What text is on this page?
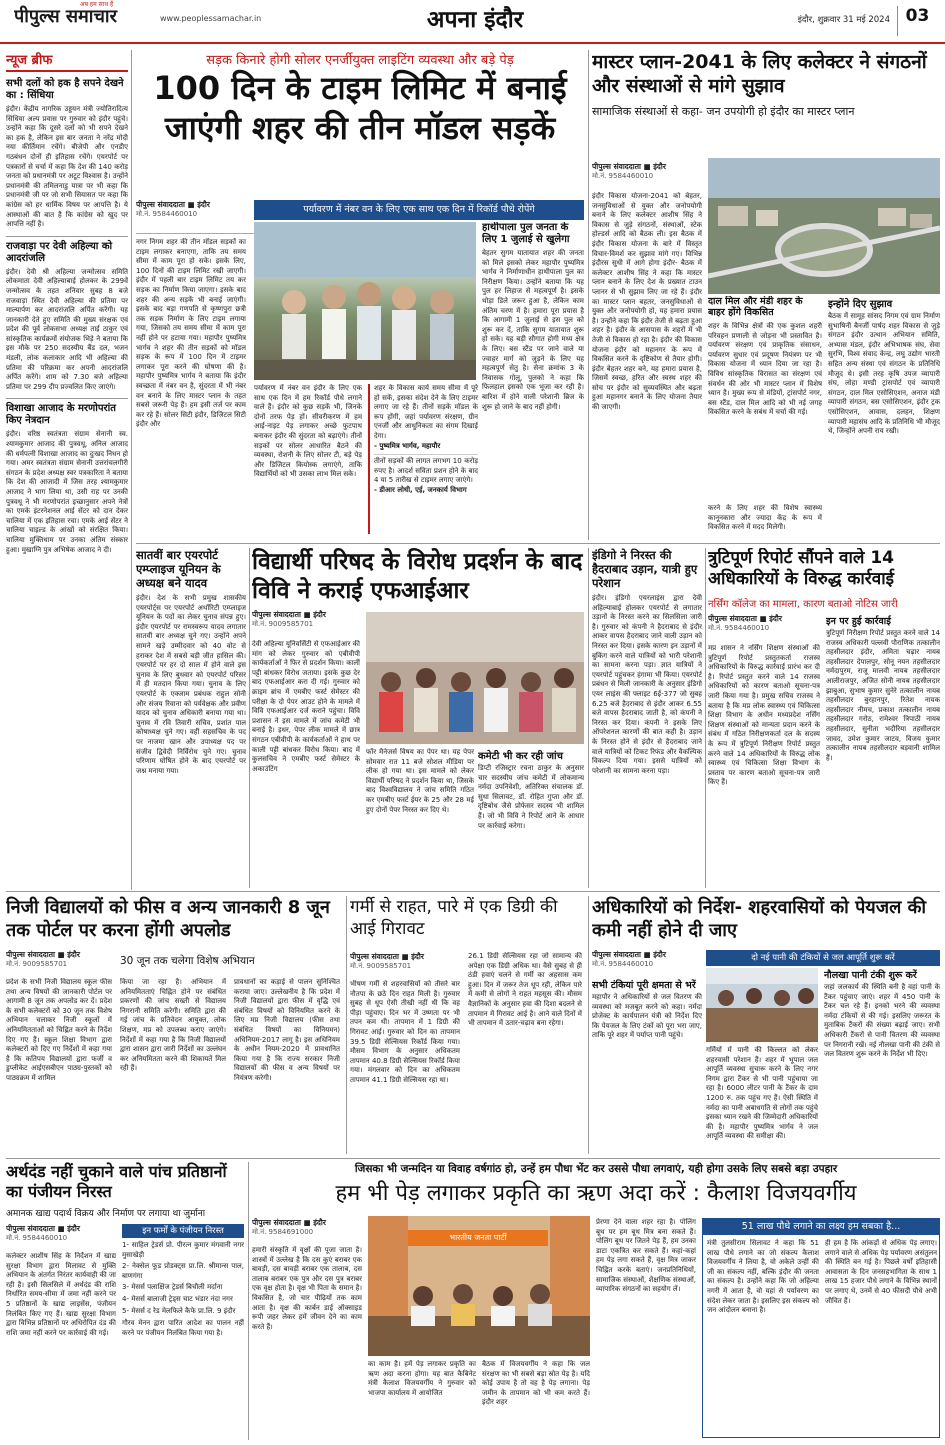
पीपुल्स समाचार
अब हम साथ हैं
www.peoplessamachar.in	अपना इंदौर	इंदौर, शुक्रवार 31 मई 2024 03
न्यूज ब्रीफ
सभी दलों को हक है सपने देखने का : सिंधिया
इंदौर। केंद्रीय नागरिक उड्डयन मंत्री ज्योतिरादित्य सिंधिया अल्प प्रवास पर गुरुवार को इंदौर पहुंचे। उन्होंने कहा कि दूसरे दलों को भी सपने देखने का हक है, लेकिन इस बार जनता ने नरेंद्र मोदी नया कीर्तिमान रचेंगे। बीजेपी और एनडीए गठबंधन दोनों ही इतिहास रचेंगे। एयरपोर्ट पर पत्रकारों से चर्चा में कहा कि देश की 140 करोड़ जनता को प्रधानमंत्री पर अटूट विश्वास है। उन्होंने प्रधानमंत्री की तमिलनाडु यात्रा पर भी कहा कि प्रधानमंत्री जी पर जो सभी सियासत पर कहा कि कांग्रेस को हर धार्मिक विषय पर आपत्ति है। ये आस्थाओं की बात है कि कांग्रेस को खुद पर आपत्ति नहीं है।
राजवाड़ा पर देवी अहिल्या को आदरांजलि
इंदौर। देवी श्री अहिल्या जन्मोत्सव समिति लोकमाता देवी अहिल्याबाई होलकर के 299वें जन्मोत्सव के तहत शनिवार सुबह 8 बजे राजवाड़ा स्थित देवी अहिल्या की प्रतिमा पर माल्यार्पण कर आदरांजलि अर्पित करेंगी। यह जानकारी देते हुए समिति की मुख्य संरक्षक एवं प्रदेश की पूर्व लोकसभा अध्यक्ष ताई ठाकुर एवं सांस्कृतिक कार्यक्रमों संयोजक भिड़े ने बताया कि इस मौके पर 250 सदस्यीय बैंड दल, भजन मंडली, लोक कलाकार आदि भी अहिल्या की प्रतिमा की परिक्रमा कर अपनी आदरांजलि अर्पित करेंगे। शाम को 7.30 बजे अहिल्या प्रतिमा पर 299 दीप प्रज्वलित किए जाएंगे।
विशाखा आजाद के मरणोपरांत किए नेत्रदान
इंदौर। वरिष्ठ स्वतंत्रता संग्राम सेनानी स्व. श्यामकुमार आजाद की पुत्रवधू, अनिल आजाद की धर्मपत्नी विशाखा आजाद का दुःखद निधन हो गया। अमर स्वतंत्रता संग्राम सेनानी उत्तरांचलगीरी संगठन के प्रदेश अध्यक्ष स्वर पत्रकारिता ने बताया कि देश की आजादी में जिस तरह श्यामकुमार आजाद ने भाग लिया था, उसी राह पर उनकी पुत्रवधू ने भी मरणोपरांत इच्छानुसार अपने नेत्रों का एमके इंटरनेशनल आई सेंटर को दान देकर चालिया में एक इतिहास रचा। एमके आई सेंटर ने चालिया चाइल्ड के आंखों को संरक्षित किया। चालिया मुक्तिधाम पर उनका अंतिम संस्कार हुआ। मुखाग्नि पुत्र अभिषेक आजाद ने दी।
सड़क किनारे होगी सोलर एनर्जीयुक्त लाइटिंग व्यवस्था और बड़े पेड़
100 दिन के टाइम लिमिट में बनाई जाएंगी शहर की तीन मॉडल सड़कें
पीपुल्स संवाददाता ■ इंदौर
मो.नं. 9584460010	पर्यावरण में नंबर वन के लिए एक साथ एक दिन में रिकॉर्ड पौधे रोपेंगे
नगर निगम शहर की तीन मॉडल सड़कों का टाइम लगाकर बनाएगा, ताकि तय समय सीमा में काम पूरा हो सके। इसके लिए, 100 दिनों की टाइम लिमिट रखी जाएगी। इंदौर में पहली बार टाइम लिमिट तय कर सड़क का निर्माण किया जाएगा। इसके बाद शहर की अन्य सड़कें भी बनाई जाएंगी। इसके बाद बड़ा गणपति से कृष्णपुरा छत्री तक सड़क निर्माण के लिए टाइम लगाया गया, जिसको तय समय सीमा में काम पूरा नहीं होने पर हटाया गया। महापौर पुष्यमित्र भार्गव ने शहर की तीन सड़कों को मॉडल सड़क के रूप में 100 दिन में टाइमर लगाकर पूरा करने की घोषणा की है। महापौर पुष्यमित्र भार्गव ने बताया कि इंदौर स्वच्छता में नंबर वन है, सुंदरता में भी नंबर वन बनाने के लिए मास्टर प्लान के तहत सबसे जरूरी पेड़ हैं। हम इसी तर्ज पर काम कर रहे हैं। सोलर सिटी इंदौर, डिजिटल सिटी इंदौर और
पर्यावरण में नंबर वन इंदौर के लिए एक साथ एक दिन में हम रिकॉर्ड पौधे लगाने वाले हैं। इंदौर को कुछ सड़कें भी, जिनके दोनों तरफ पेड़ हों। सीवरीकरण में हम आई-नाइट पेड़ लगाकर अच्छे फुटपाथ बनाकर इंदौर की सुंदरता को बढ़ाएंगे। तीनों सड़कों पर सोलर आधारित बैठने की व्यवस्था, रोशनी के लिए सोलर टी, बड़े पेड़ और डिजिटल कियोस्क लगाएंगे, ताकि विद्यार्थियों को भी उसका लाभ मिल सके।
शहर के विकास कार्य समय सीमा में पूरे हो सकें, इसका संदेश देने के लिए टाइमर लगाए जा रहे हैं। तीनों सड़के मॉडल के रूप होंगी, जहां पर्यावरण संरक्षण, ग्रीन एनर्जी और आधुनिकता का संगम दिखाई देगा।
- पुष्यमित्र भार्गव, महापौर
तीनों सड़कों की लागत लगभग 10 करोड़ रुपए है। आदर्श सविता प्रशन होने के बाद 4 या 5 तारीख से टाइमर लगाए जाएंगे।
- डीआर लोधी, एई, जनकार्य विभाग
हाथीपाला पुल जनता के लिए 1 जुलाई से खुलेगा
बेहतर सुगम यातायात शहर की जनता को मिले इसको लेकर महापौर पुष्यमित्र भार्गव ने निर्माणाधीन हाथीपाला पुल का निरीक्षण किया। उन्होंने बताया कि यह पुल हर लिहाज से महत्वपूर्ण है। इसके थोड़ा डिले जरूर हुआ है, लेकिन काम अंतिम चरण में है। हमारा पूरा प्रयास है कि आगामी 1 जुलाई से इस पुल को शुरू कर दें, ताकि सुगम यातायात शुरू हो सके। यह बड़ी सौगात होगी मध्य क्षेत्र के लिए। बस स्टैंड पर जाने वाले या ज्वाहर मार्ग को जुड़ने के लिए यह महत्वपूर्ण सेतु है। सेना क्रमांक 3 के निवासक गोलू, पुलको ने कहा कि फिलहाल इसको एक भूजा कर रही है। बारिश में होने वाली परेशानी ब्रिज के शुरू हो जाने के बाद नहीं होगी।
मास्टर प्लान-2041 के लिए कलेक्टर ने संगठनों और संस्थाओं से मांगे सुझाव
सामाजिक संस्थाओं से कहा- जन उपयोगी हो इंदौर का मास्टर प्लान
पीपुल्स संवाददाता ■ इंदौर
मो.नं. 9584460010
इंदौर विकास योजना-2041 को बेहतर, जनसुविधाओं से युक्त और जनोपयोगी बनाने के लिए कलेक्टर आशीष सिंह ने विकास से जुड़े संगठनों, संस्थाओं, स्टेक होल्डर्स आदि को बैठक ली। इस बैठक में इंदौर विकास योजना के बारे में विस्तृत विचार-विमर्श कर सुझाव मांगे गए। विभिन्न इंदौरस सुधी में आगे होगा इंदौर- बैठक में कलेक्टर आशीष सिंह ने कहा कि मास्टर प्लान बनाने के लिए देश के प्रख्यात टाउन प्लानर से भी सुझाव लिए जा रहे हैं। इंदौर का मास्टर प्लान बहतर, जनसुविधाओं से युक्त और जनोपयोगी हो, यह हमारा प्रयास है। उन्होंने कहा कि इंदौर तेजी से बढ़ता हुआ शहर है। इंदौर के आसपास के शहरों में भी तेजी से विकास हो रहा है। इंदौर की विकास योजना इंदौर को महानगर के रूप में विकसित करने के दृष्टिकोण से तैयार होगी। इंदौर बेहतर शहर बने, यह हमारा प्रयास है, जिसमें स्वच्छ, हरित और स्वस्थ शहर की सोच पर इंदौर को सुव्यवस्थित और बढ़ता हुआ महानगर बनाने के लिए योजना तैयार की जाएगी।
दाल मिल और मंडी शहर के बाहर होंगे विकसित
शहर के विभिन्न क्षेत्रों की एक कुशल शहरी परिवहन प्रणाली से जोड़ना भी प्रस्तावित है। पर्यावरण संरक्षण एवं प्राकृतिक संसाधन, पर्यावरण सुधार एवं प्रदूषण नियंत्रण पर भी विकास योजना में ध्यान दिया जा रहा है। विविध सांस्कृतिक विरासत का संरक्षण एवं संवर्धन की ओर भी मास्टर प्लान में विशेष ध्यान है। मुख्य रूप से मंडियों, ट्रांसपोर्ट नगर, बस स्टैंड, दाल मिल आदि को भी नई जगह विकसित करने के सबंध में चर्चा की गई।
करने के लिए शहर की विशेष स्वास्थ्य कानूनकारा और ज्यादा केंद्र के रूप में विकसित करने में मदद मिलेगी।
इन्होंने दिए सुझाव
बैठक में सामूह सांसद निगम एवं ग्राम निर्माण सुभाषिनी बैनर्जी पार्षद शहर विकास से जुड़े संगठन इंदौर उत्थान अभियान समिति, अभ्यास मंडल, इंदौर अभिभाषक संघ, सेवा सुरभि, विश्व संवाद केन्द्र, लघु उद्योग भारती सहित अन्य संस्था एवं संगठन के प्रतिनिधि मौजूद थे। इसी तरह कृषि उपज व्यापारी संघ, लोहा मण्डी ट्रांसपोर्ट एवं व्यापारी संगठन, दाल मिल एसोसिएशन, अनाज मंडी व्यापारी संगठन, बस एसोसिएशन, इंदौर ट्रक एसोसिएशन, आवास, दलहन, शिक्षण व्यापारी महासंघ आदि के प्रतिनिधि भी मौजूद थे, जिन्होंने अपनी राय रखी।
सातवीं बार एयरपोर्ट एम्प्लाइज यूनियन के अध्यक्ष बने यादव
इंदौर। देश के सभी प्रमुख शासकीय एयरपोर्ट्स पर एयरपोर्ट अथॉरिटी एम्प्लाइज यूनियन के पदों का लेकर चुनाव संपन्न हुए। इंदौर एयरपोर्ट पर रामस्वरूप यादव लगातार सातवीं बार अध्यक्ष चुने गए। उन्होंने अपने सामने खड़े उम्मीदवार को 40 वोट से हराकर देश में सबसे बड़ी जीत हासिल की। एयरपोर्ट पर हर दो साल में होने वाले इस चुनाव के लिए बुधवार को एयरपोर्ट परिसर में ही मतदान किया गया। चुनाव के लिए एयरपोर्ट के एक्जाम प्रबंधक राहुल सोनी और संजय रिवाना को पर्यवेक्षक और प्रवीण यादव को चुनाव अधिकारी बनाया गया था। चुनाव में रवि तिवारी सचिव, प्रशांत पाल कोषाध्यक्ष चुने गए। वहीं सहसचिव के पद पर नाजमा खान और उपाध्यक्ष पद पर संजीव द्विवेदी निर्विरोध चुने गए। चुनाव परिणाम घोषित होने के बाद एयरपोर्ट पर जश्न मनाया गया।
विद्यार्थी परिषद के विरोध प्रदर्शन के बाद विवि ने कराई एफआईआर
पीपुल्स संवाददाता ■ इंदौर
मो.नं. 9009585701
देवी अहिल्या यूनिवर्सिटी से एफआईआर की मांग को लेकर गुरुवार को एबीवीपी कार्यकर्ताओं ने फिर से प्रदर्शन किया। कालीं पट्टी बांधकर विरोध जताया। इसके कुछ देर बाद एफआईआर करा दी गई। गुरुवार को क्राइम ब्रांच में एमबीए फर्स्ट सेमेस्टर की परीक्षा के दो पेपर आउट होने के मामले में विवि एफआईआर दर्ज कराने पहुंचा। विवि प्रशासन ने इस मामले में जांच कमेटी भी बनाई है। इधर, पेपर लीक मामले में छात्र संगठन एबीवीपी के कार्यकर्ताओं ने हाथ पर काली पट्टी बांधकर विरोध किया। बाद में कुलसचिव ने एमबीए फर्स्ट सेमेस्टर के अकाउंटिंग
फॉर मैनेजर्स विषय का पेपर था। यह पेपर सोमवार रात 11 बजे सोशल मीडिया पर लीक हो गया था। इस मामले को लेकर विद्यार्थी परिषद ने प्रदर्शन किया था, जिसके बाद विश्वविद्यालय ने जांच समिति गठित कर एमबीए फर्स्ट ईयर के 25 और 28 मई हुए दोनों पेपर निरस्त कर दिए थे।
कमेटी भी कर रही जांच
डिप्टी रजिस्ट्रार रचना ठाकुर के अनुसार चार सदस्यीय जांच कमेटी में लोकमान्य नर्मदा उपनिवेशी, अतिरिक्त संचालक डॉ. सुधा सिलावट, डॉ. रोहित गुप्ता और डॉ. दृष्टिबोध जैसे प्रोफेसर सदस्य भी शामिल हैं। जो भी विवि ने रिपोर्ट आने के आधार पर कार्रवाई करेगा।
इंडिगो ने निरस्त की हैदराबाद उड़ान, यात्री हुए परेशान
इंदौर। इंडिगो एयरलाइंस द्वारा देवी अहिल्याबाई होलकर एयरपोर्ट से लगातार उड़ानों के निरस्त करने का सिलसिला जारी है। गुरुवार को कंपनी ने हैदराबाद से इंदौर आकर वापस हैदराबाद जाने वाली उड़ान को निरस्त कर दिया। इसके कारण इन उड़ानों में बुकिंग करने वाले यात्रियों को भारी परेशानी का सामना करना पड़ा। ज्ञात यात्रियों ने एयरपोर्ट पहुंचकर हंगामा भी किया। एयरपोर्ट प्रबंधन से मिली जानकारी के अनुसार इंडिगो एयर लाइंस की फ्लाइट 6ई-377 जो सुबह 6.25 बजे हैदराबाद से इंदौर आकर 6.55 बजे वापस हैदराबाद जाती है, को कंपनी ने निरस्त कर दिया। कंपनी ने इसके लिए ऑपरेशनल कारणों की बात कही है। उड़ान के निरस्त होने से इंदौर से हैदराबाद जाने वाले यात्रियों को टिकट रिफंड और वैकल्पिक विकल्प दिया गया। इससे यात्रियों को परेशानी का सामना करना पड़ा।
त्रुटिपूर्ण रिपोर्ट सौंपने वाले 14 अधिकारियों के विरुद्ध कार्रवाई
नर्सिंग कॉलेज का मामला, कारण बताओ नोटिस जारी
पीपुल्स संवाददाता ■ इंदौर
मो.नं. 9584460010
मप्र शासन ने नर्सिंग शिक्षण संस्थाओं की त्रुटिपूर्ण रिपोर्ट प्रस्तुतकर्ता राजस्व अधिकारियों के विरुद्ध कार्रवाई प्रारंभ कर दी है। रिपोर्ट प्रस्तुत करने वाले 14 राजस्व अधिकारियों को कारण बताओ सूचना-पत्र जारी किया गया है। प्रमुख सचिव राजस्व ने बताया है कि मप्र लोक स्वास्थ्य एवं चिकित्सा शिक्षा विभाग के अधीन मध्यप्रदेश नर्सिंग शिक्षण संस्थाओं को मान्यता प्रदान करने के संबंध में गठित निरीक्षणकर्ता दल के सदस्य के रूप में त्रुटिपूर्ण निरीक्षण रिपोर्ट प्रस्तुत करने वाले 14 अधिकारियों के विरुद्ध लोक स्वास्थ्य एवं चिकित्सा शिक्षा विभाग के प्रस्ताव पर कारण बताओ सूचना-पत्र जारी किए हैं।
इन पर हुई कार्रवाई
त्रुटिपूर्ण निरीक्षण रिपोर्ट प्रस्तुत करने वाले 14 राजस्व अधिकारी पल्लवी पौराणिक तत्कालीन तहसीलदार इंदौर, अमिता चढ़ार नायब तहसीलदार देपालपुर, सोनू नयन तहसीलदार नर्मदापुरम, राजू मालवी नायब तहसीलदार आलीराजपुर, अजित सोनी नायब तहसीलदार झाबुआ, सुभाष कुमार सुनेरे तत्कालीन नायब तहसीलदार बुरहानपुर, रितेश नायक तहसीलदार नीमच, प्रकाश तत्कालीन नायब तहसीलदार गरोठ, रामेश्वर त्रिपाठी नायब तहसीलदार, सुनीता भदौरिया तहसीलदार जावद, उमेश कुमार जाटव, विजय कुमार तत्कालीन नायब तहसीलदार बड़वानी शामिल हैं।
निजी विद्यालयों को फीस व अन्य जानकारी 8 जून तक पोर्टल पर करना होंगी अपलोड
पीपुल्स संवाददाता ■ इंदौर
मो.नं. 9009585701	30 जून तक चलेगा विशेष अभियान
प्रदेश के सभी निजी विद्यालय स्कूल फीस तथा अन्य विषयों की जानकारी पोर्टल पर आगामी 8 जून तक अपलोड कर दें। प्रदेश के सभी कलेक्टरों को 30 जून तक विशेष अभियान चलाकर निजी स्कूलों में अनियमितताओं को चिह्नित करने के निर्देश दिए गए हैं। स्कूल शिक्षा विभाग द्वारा कलेक्टरों को दिए गए निर्देशों में कहा गया है कि कतिपय विद्यालयों द्वारा फर्जी व डुप्लीकेट आईएसबीएन पाठ्य-पुस्तकों को पाठ्यक्रम में शामिल
किया जा रहा है। अभियान में अनियमितताएं चिह्नित होने पर संबंधित प्रकरणों की जांच सख्ती से विद्यालय निगरानी समिति करेगी। समिति द्वारा की गई जांच के प्रतिवेदन आयुक्त, लोक शिक्षण, मप्र को उपलब्ध कराए जाएंगे। निर्देशों में कहा गया है कि निजी विद्यालयों द्वारा शासन द्वारा जारी निर्देशों का उल्लंघन कर अनियमितता करने की शिकायतें मिल रही हैं।
प्रावधानों का कड़ाई से पालन सुनिश्चित कराया जाए। उल्लेखनीय है कि प्रदेश में निजी विद्यालयों द्वारा फीस में वृद्धि एवं संबंधित विषयों को विनियमित करने के लिए मप्र निजी विद्यालय (फीस तथा संबंधित विषयों का विनियमन) अधिनियम-2017 लागू है। इस अधिनियम के अधीन नियम-2020 में प्रावधानित किया गया है कि राज्य सरकार निजी विद्यालयों की फीस व अन्य विषयों पर नियंत्रण करेगी।
गर्मी से राहत, पारे में एक डिग्री की आई गिरावट
पीपुल्स संवाददाता ■ इंदौर
मो.नं. 9009585701
भीषण गर्मी से शहरवासियों को तीसरे बार नौतपा के छठे दिन राहत मिली है। गुरुवार सुबह से धूप ऐसी तीखी नहीं थी कि वह पीड़ा पहुंचाए। दिन भर में उष्णता पर भी तपन कम थी। तापमान में 1 डिग्री की गिरावट आई। गुरुवार को दिन का तापमान 39.5 डिग्री सेल्सियस रिकॉर्ड किया गया। मौसम विभाग के अनुसार अधिकतम तापमान 40.8 डिग्री सेल्सियस रिकॉर्ड किया गया। मंगलवार को दिन का अधिकतम तापमान 41.1 डिग्री सेल्सियस रहा था।
26.1 डिग्री सेल्सियस रहा जो सामान्य की अपेक्षा एक डिग्री अधिक था। वैसे सुबह से ही ठंडी हवाएं चलने से गर्मी का अहसास कम हुआ। दिन में जरूर तेज धूप रही, लेकिन पारे में कमी से लोगों ने राहत महसूस की। मौसम वैज्ञानिकों के अनुसार हवा की दिशा बदलने से तापमान में गिरावट आई है। आने वाले दिनों में भी तापमान में उतार-चढ़ाव बना रहेगा।
अधिकारियों को निर्देश- शहरवासियों को पेयजल की कमी नहीं होने दी जाए
पीपुल्स संवाददाता ■ इंदौर
मो.नं. 9584460010
दो नई पानी की टंकियों से जल आपूर्ति शुरू करें
गर्मियों में पानी की किल्लत को लेकर शहरवासी परेशान हैं। शहर में भूपाल जल आपूर्ति व्यवस्था सुचारू करने के लिए नगर निगम द्वारा टैंकर से भी पानी पहुंचाया जा रहा है। 6000 लीटर पानी के टैंकर के दाम 1200 रु. तक पहुंच गए हैं। ऐसी स्थिति में नर्मदा का पानी अबाधगति से लोगों तक पहुंचे इसका ध्यान रखने की जिम्मेदारी अधिकारियों की है। महापौर पुष्यमित्र भार्गव ने जल आपूर्ति व्यवस्था की समीक्षा की।
सभी टंकियां पूरी क्षमता से भरें
महापौर ने अधिकारियों से जल वितरण की व्यवस्था को मजबूत करने को कहा। नर्मदा प्रोजेक्ट के कार्यपालन यंत्री को निर्देश दिए कि पेयजल के लिए टंकों को पूरा भरा जाए, ताकि पूरे शहर में पर्याप्त पानी पहुंचे।
नौलखा पानी टंकी शुरू करें
जहां जलकार्य की स्थिति बनी है वहां पानी के टैंकर पहुंचाए जाएं। शहर में 450 पानी के टैंकर चल रहे हैं। इनको भरने की व्यवस्था नर्मदा टंकियों से की गई। इसलिए जरूरत के मुताबिक टैंकरों की संख्या बढ़ाई जाए। सभी अधिकारी टैंकरों से पानी वितरण की व्यवस्था पर निगरानी रखें। नई नौलखा पानी की टंकी से जल वितरण शुरू करने के निर्देश भी दिए।
अर्थदंड नहीं चुकाने वाले पांच प्रतिष्ठानों का पंजीयन निरस्त
अमानक खाद्य पदार्थ विक्रय और निर्माण पर लगाया था जुर्माना
पीपुल्स संवाददाता ■ इंदौर
मो.नं. 9584460010
कलेक्टर आशीष सिंह के निर्देशन में खाद्य सुरक्षा विभाग द्वारा मिलावट से मुक्ति अभियान के अंतर्गत निरंतर कार्यवाही की जा रही है। इसी सिलसिले में अर्थदंड की राशि निर्धारित समय-सीमा में जमा नहीं करने पर 5 प्रतिष्ठानों के खाद्य लाइसेंस, पंजीयन निलंबित किए गए हैं। खाद्य सुरक्षा विभाग द्वारा विभिन्न प्रतिष्ठानों पर अधिरोपित दंड की राशि जमा नहीं करने पर कार्रवाई की गई।
इन फर्मों के पंजीयन निरस्त
1- साहिल ट्रेडर्स प्रो. पीरत्न कुमार मंगवानी नगर मुसाखेड़ी
2- नेक्सेल फूड प्रोडक्ट्स प्रा.लि. श्रीमान्स पाल, बाणगंगा
3- मेसर्स पलाक्षिंज ट्रेडर्स बिचौली मर्दाना
4- मेसर्स बालाजी ट्रेड्स चाट भंडार नंदा नगर
5- मेसर्स द रेड मेलफिले कैफे प्रा.लि. 9 इंदौर
गौरव मेनन द्वारा पारित आदेश का पालन नहीं करने पर पंजीयन निलंबित किया गया है।
जिसका भी जन्मदिन या विवाह वर्षगांठ हो, उन्हें हम पौधा भेंट कर उससे पौधा लगवाएं, यही होगा उसके लिए सबसे बड़ा उपहार
हम भी पेड़ लगाकर प्रकृति का ऋण अदा करें : कैलाश विजयवर्गीय
पीपुल्स संवाददाता ■ इंदौर
मो.नं. 9584691000
हमारी संस्कृति में वृक्षों की पूजा जाता है। शास्त्रों में उल्लेख है कि दस कुएं बराबर एक बावड़ी, दस बावड़ी बराबर एक तालाब, दस तालाब बराबर एक पुत्र और दस पुत्र बराबर एक वृक्ष होता है। वृक्ष भी पिता के समान है। विकसित है, जो चार पीढ़ियों तक काम आता है। वृक्ष की कार्बन डाई ऑक्साइड रूपी जहर लेकर हमें जीवन देने का काम करते हैं।
भारतीय जनता पार्टी
का काम है। हमें पेड़ लगाकर प्रकृति का ऋण अदा करना होगा। यह बात कैबिनेट मंत्री कैलाश विजयवर्गीय ने गुरुवार को भाजपा कार्यालय में आयोजित
बैठक में विजयवर्गीय ने कहा कि जल संरक्षण का भी सबसे बड़ा स्रोत पेड़ है। यदि कोई उपाय है तो वह है पेड़ लगाना। पेड़ जमीन के तापमान को भी कम करते हैं। इंदौर शहर
प्रेरणा देने वाला शहर रहा है। पोलिंग बूथ पर हम बूथ मित्र बना सकते हैं। पोलिंग बूथ पर जितने पेड़ हैं, हम उनका डाटा एकत्रित कर सकते हैं। कहां-कहां हम पेड़ लगा सकते हैं, वृक्ष मित्र जाकर चिह्नित करके बताएं। जनप्रतिनिधियों, सामाजिक संस्थाओं, शैक्षणिक संस्थाओं, व्यापारिक संगठनों का सहयोग लें।
51 लाख पौधे लगाने का लक्ष्य हम सबका है...
मंत्री तुलसीराम सिलावट ने कहा कि 51 लाख पौधे लगाने का जो संकल्प कैलाश विजयवर्गीय ने लिया है, वो अकेले उन्हीं की जी का संकल्प नहीं, बल्कि इंदौर की जनता का संकल्प है। उन्होंने कहा कि जो अहिल्या नगरी में आता है, वो यहां से पर्यावरण का संदेश लेकर जाता है। इसलिए इस संकल्प को जन आंदोलन बनाना है।
ही हम है कि आंकड़ों से अधिक पेड़ लगाए। लगाने वाले से अधिक पेड़ पर्यावरण असंतुलन की स्थिति बन गई है। पिछले वर्षों इतिहासी आवासता के दिन जनसहभागिता के साथ 1 लाख 15 हजार पौधे लगाने के विभिन्न स्थानों पर लगाए थे, उनमें से 40 फीसदी पौधे अभी जीवित हैं।
